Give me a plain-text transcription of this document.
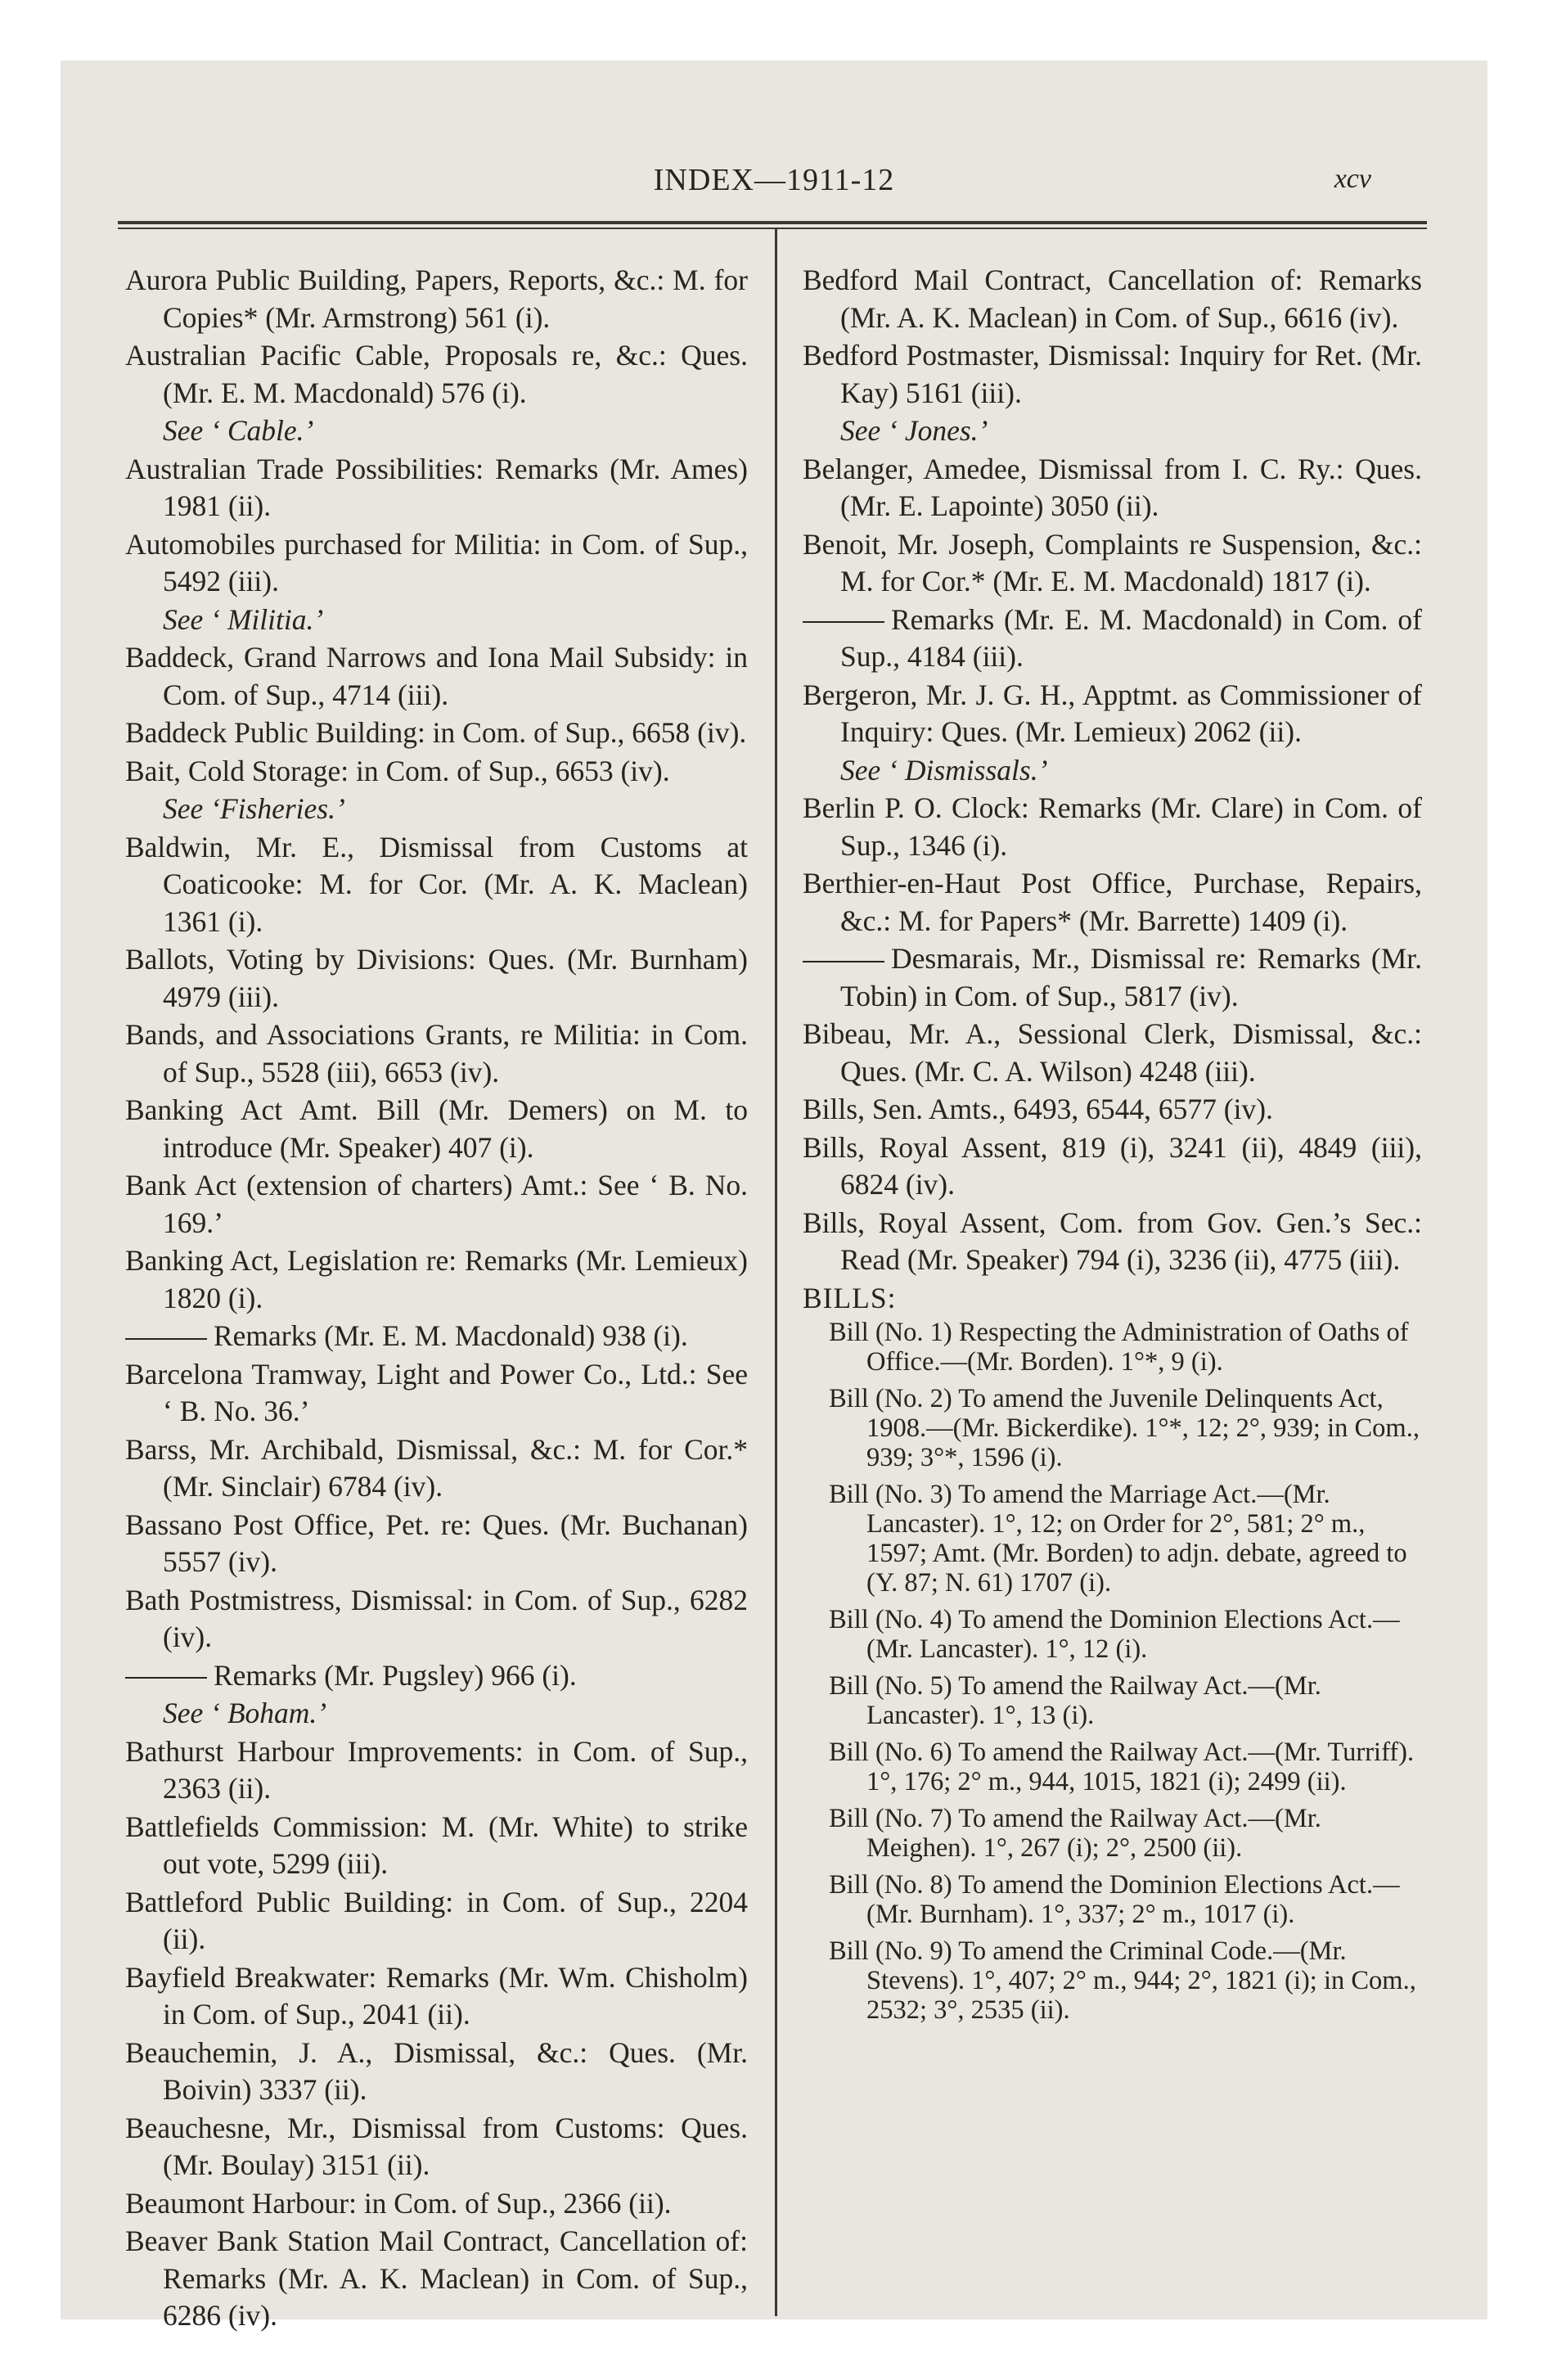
INDEX—1911-12	xcv
Aurora Public Building, Papers, Reports, &c.: M. for Copies* (Mr. Armstrong) 561 (i).
Australian Pacific Cable, Proposals re, &c.: Ques. (Mr. E. M. Macdonald) 576 (i).
See ‘ Cable.’
Australian Trade Possibilities: Remarks (Mr. Ames) 1981 (ii).
Automobiles purchased for Militia: in Com. of Sup., 5492 (iii).
See ‘ Militia.’
Baddeck, Grand Narrows and Iona Mail Subsidy: in Com. of Sup., 4714 (iii).
Baddeck Public Building: in Com. of Sup., 6658 (iv).
Bait, Cold Storage: in Com. of Sup., 6653 (iv).
See ‘Fisheries.’
Baldwin, Mr. E., Dismissal from Customs at Coaticooke: M. for Cor. (Mr. A. K. Maclean) 1361 (i).
Ballots, Voting by Divisions: Ques. (Mr. Burnham) 4979 (iii).
Bands, and Associations Grants, re Militia: in Com. of Sup., 5528 (iii), 6653 (iv).
Banking Act Amt. Bill (Mr. Demers) on M. to introduce (Mr. Speaker) 407 (i).
Bank Act (extension of charters) Amt.: See ‘ B. No. 169.’
Banking Act, Legislation re: Remarks (Mr. Lemieux) 1820 (i).
Remarks (Mr. E. M. Macdonald) 938 (i).
Barcelona Tramway, Light and Power Co., Ltd.: See ‘ B. No. 36.’
Barss, Mr. Archibald, Dismissal, &c.: M. for Cor.* (Mr. Sinclair) 6784 (iv).
Bassano Post Office, Pet. re: Ques. (Mr. Buchanan) 5557 (iv).
Bath Postmistress, Dismissal: in Com. of Sup., 6282 (iv).
Remarks (Mr. Pugsley) 966 (i).
See ‘ Boham.’
Bathurst Harbour Improvements: in Com. of Sup., 2363 (ii).
Battlefields Commission: M. (Mr. White) to strike out vote, 5299 (iii).
Battleford Public Building: in Com. of Sup., 2204 (ii).
Bayfield Breakwater: Remarks (Mr. Wm. Chisholm) in Com. of Sup., 2041 (ii).
Beauchemin, J. A., Dismissal, &c.: Ques. (Mr. Boivin) 3337 (ii).
Beauchesne, Mr., Dismissal from Customs: Ques. (Mr. Boulay) 3151 (ii).
Beaumont Harbour: in Com. of Sup., 2366 (ii).
Beaver Bank Station Mail Contract, Cancellation of: Remarks (Mr. A. K. Maclean) in Com. of Sup., 6286 (iv).
Bedford Mail Contract, Cancellation of: Remarks (Mr. A. K. Maclean) in Com. of Sup., 6616 (iv).
Bedford Postmaster, Dismissal: Inquiry for Ret. (Mr. Kay) 5161 (iii).
See ‘ Jones.’
Belanger, Amedee, Dismissal from I. C. Ry.: Ques. (Mr. E. Lapointe) 3050 (ii).
Benoit, Mr. Joseph, Complaints re Suspension, &c.: M. for Cor.* (Mr. E. M. Macdonald) 1817 (i).
Remarks (Mr. E. M. Macdonald) in Com. of Sup., 4184 (iii).
Bergeron, Mr. J. G. H., Apptmt. as Commissioner of Inquiry: Ques. (Mr. Lemieux) 2062 (ii).
See ‘ Dismissals.’
Berlin P. O. Clock: Remarks (Mr. Clare) in Com. of Sup., 1346 (i).
Berthier-en-Haut Post Office, Purchase, Repairs, &c.: M. for Papers* (Mr. Barrette) 1409 (i).
Desmarais, Mr., Dismissal re: Remarks (Mr. Tobin) in Com. of Sup., 5817 (iv).
Bibeau, Mr. A., Sessional Clerk, Dismissal, &c.: Ques. (Mr. C. A. Wilson) 4248 (iii).
Bills, Sen. Amts., 6493, 6544, 6577 (iv).
Bills, Royal Assent, 819 (i), 3241 (ii), 4849 (iii), 6824 (iv).
Bills, Royal Assent, Com. from Gov. Gen.’s Sec.: Read (Mr. Speaker) 794 (i), 3236 (ii), 4775 (iii).
BILLS:
Bill (No. 1) Respecting the Administration of Oaths of Office.—(Mr. Borden). 1°*, 9 (i).
Bill (No. 2) To amend the Juvenile Delinquents Act, 1908.—(Mr. Bickerdike). 1°*, 12; 2°, 939; in Com., 939; 3°*, 1596 (i).
Bill (No. 3) To amend the Marriage Act.—(Mr. Lancaster). 1°, 12; on Order for 2°, 581; 2° m., 1597; Amt. (Mr. Borden) to adjn. debate, agreed to (Y. 87; N. 61) 1707 (i).
Bill (No. 4) To amend the Dominion Elections Act.—(Mr. Lancaster). 1°, 12 (i).
Bill (No. 5) To amend the Railway Act.—(Mr. Lancaster). 1°, 13 (i).
Bill (No. 6) To amend the Railway Act.—(Mr. Turriff). 1°, 176; 2° m., 944, 1015, 1821 (i); 2499 (ii).
Bill (No. 7) To amend the Railway Act.—(Mr. Meighen). 1°, 267 (i); 2°, 2500 (ii).
Bill (No. 8) To amend the Dominion Elections Act.—(Mr. Burnham). 1°, 337; 2° m., 1017 (i).
Bill (No. 9) To amend the Criminal Code.—(Mr. Stevens). 1°, 407; 2° m., 944; 2°, 1821 (i); in Com., 2532; 3°, 2535 (ii).
